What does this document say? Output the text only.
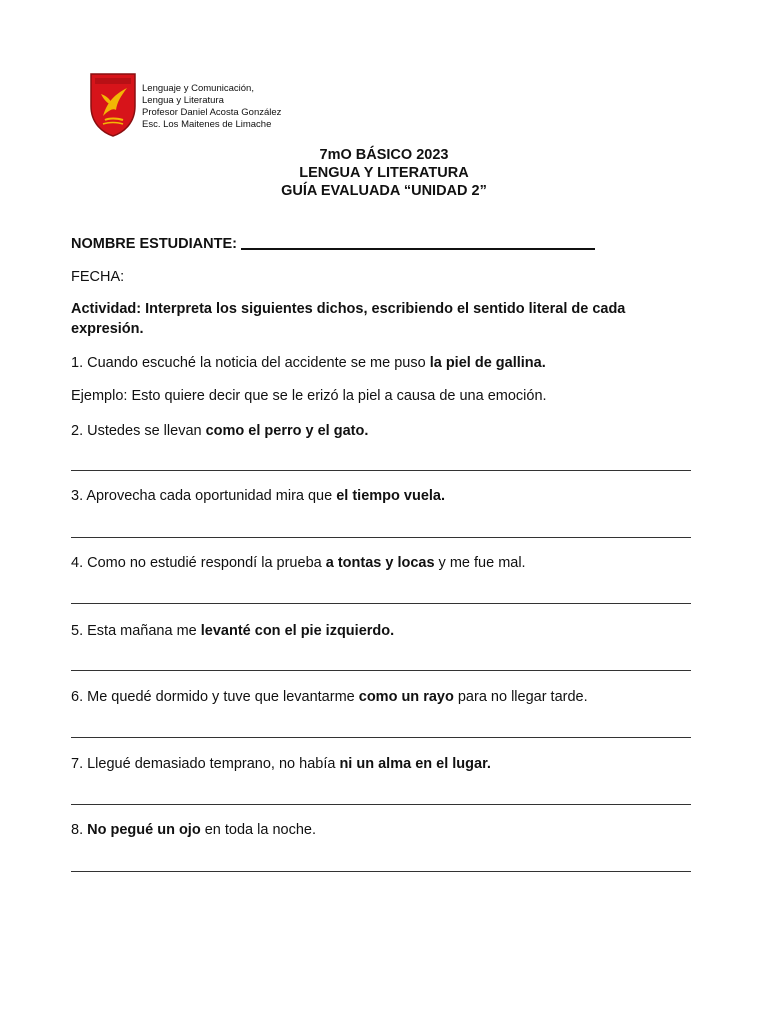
Lenguaje y Comunicación,
Lengua y Literatura
Profesor Daniel Acosta González
Esc. Los Maitenes de Limache
7mO BÁSICO 2023
LENGUA Y LITERATURA
GUÍA EVALUADA “UNIDAD 2”
NOMBRE ESTUDIANTE:
FECHA:
Actividad: Interpreta los siguientes dichos, escribiendo el sentido literal de cada expresión.
1. Cuando escuché la noticia del accidente se me puso la piel de gallina.
Ejemplo: Esto quiere decir que se le erizó la piel a causa de una emoción.
2. Ustedes se llevan como el perro y el gato.
3. Aprovecha cada oportunidad mira que el tiempo vuela.
4. Como no estudié respondí la prueba a tontas y locas y me fue mal.
5. Esta mañana me levanté con el pie izquierdo.
6. Me quedé dormido y tuve que levantarme como un rayo para no llegar tarde.
7. Llegué demasiado temprano, no había ni un alma en el lugar.
8. No pegué un ojo en toda la noche.
